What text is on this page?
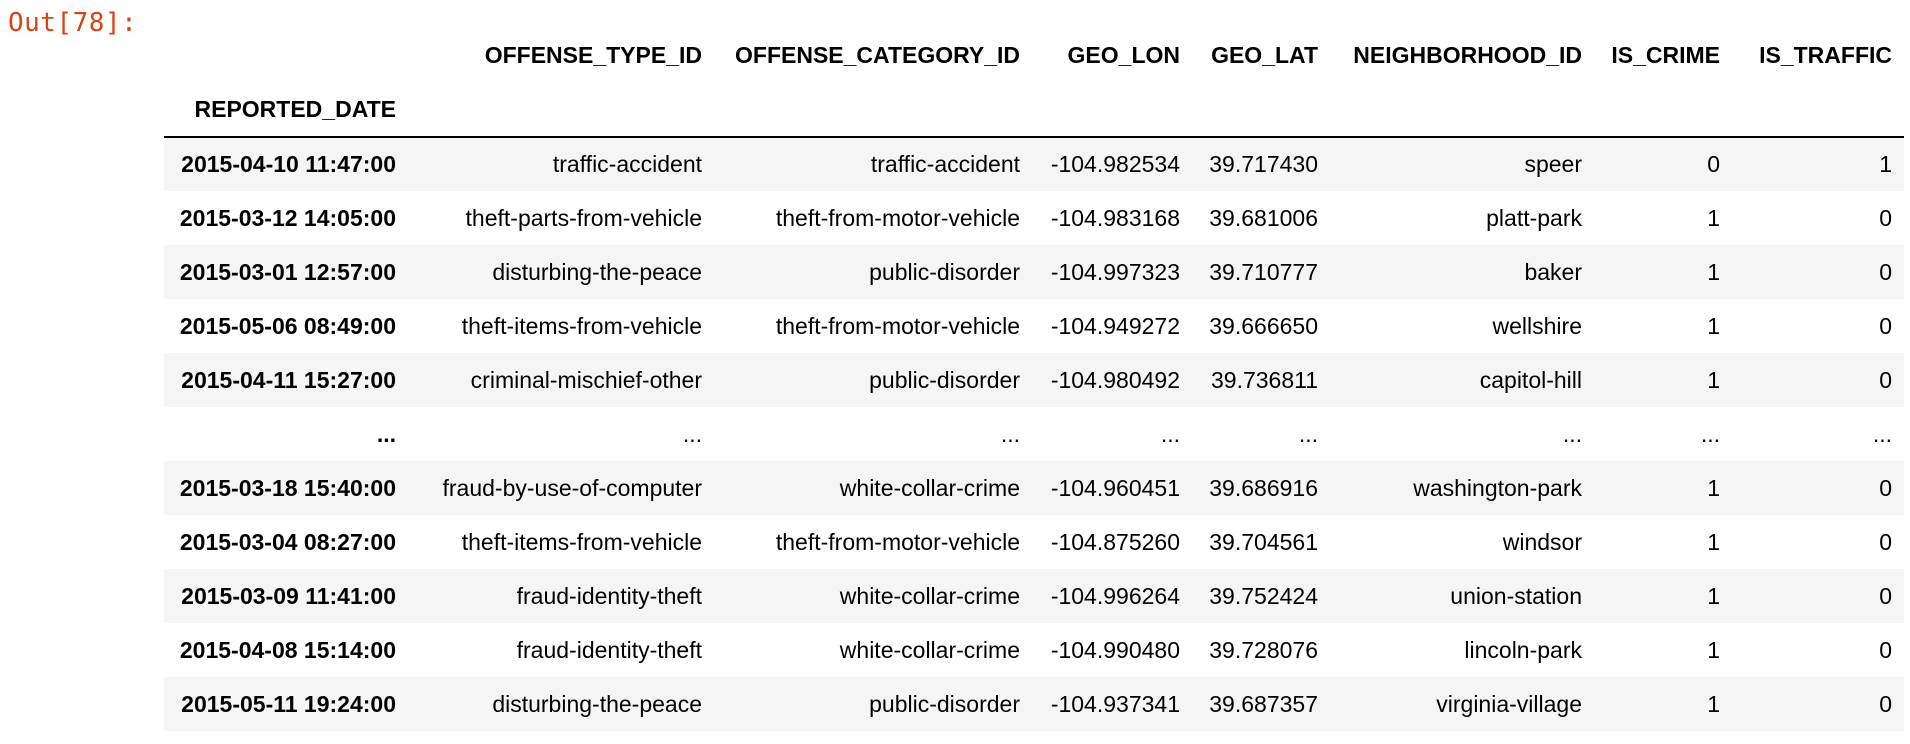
Out[78]:
	OFFENSE_TYPE_ID	OFFENSE_CATEGORY_ID	GEO_LON	GEO_LAT	NEIGHBORHOOD_ID	IS_CRIME	IS_TRAFFIC
REPORTED_DATE							
2015-04-10 11:47:00	traffic-accident	traffic-accident	-104.982534	39.717430	speer	0	1
2015-03-12 14:05:00	theft-parts-from-vehicle	theft-from-motor-vehicle	-104.983168	39.681006	platt-park	1	0
2015-03-01 12:57:00	disturbing-the-peace	public-disorder	-104.997323	39.710777	baker	1	0
2015-05-06 08:49:00	theft-items-from-vehicle	theft-from-motor-vehicle	-104.949272	39.666650	wellshire	1	0
2015-04-11 15:27:00	criminal-mischief-other	public-disorder	-104.980492	39.736811	capitol-hill	1	0
...	...	...	...	...	...	...	...
2015-03-18 15:40:00	fraud-by-use-of-computer	white-collar-crime	-104.960451	39.686916	washington-park	1	0
2015-03-04 08:27:00	theft-items-from-vehicle	theft-from-motor-vehicle	-104.875260	39.704561	windsor	1	0
2015-03-09 11:41:00	fraud-identity-theft	white-collar-crime	-104.996264	39.752424	union-station	1	0
2015-04-08 15:14:00	fraud-identity-theft	white-collar-crime	-104.990480	39.728076	lincoln-park	1	0
2015-05-11 19:24:00	disturbing-the-peace	public-disorder	-104.937341	39.687357	virginia-village	1	0
